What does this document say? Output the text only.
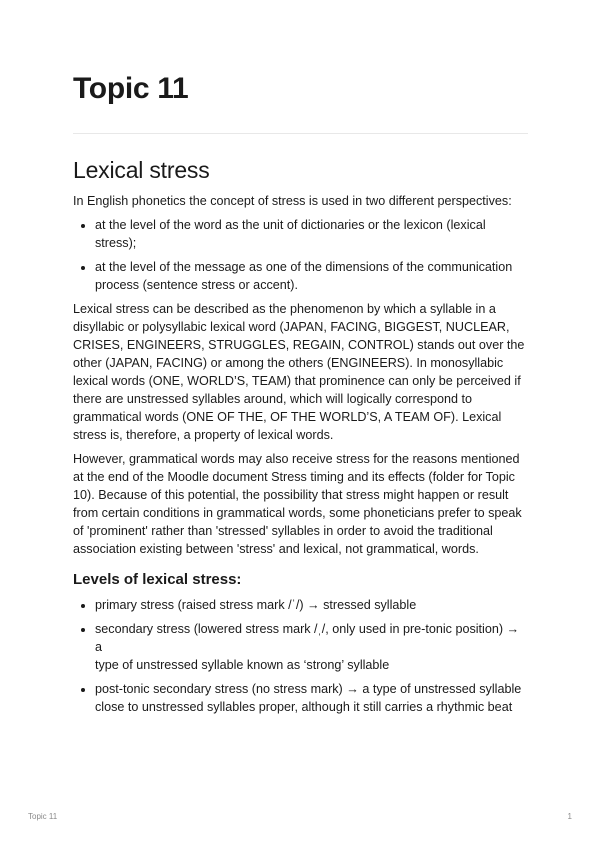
Topic 11
Lexical stress

In English phonetics the concept of stress is used in two different perspectives:

• at the level of the word as the unit of dictionaries or the lexicon (lexical stress);
• at the level of the message as one of the dimensions of the communication process (sentence stress or accent).

Lexical stress can be described as the phenomenon by which a syllable in a disyllabic or polysyllabic lexical word (JAPAN, FACING, BIGGEST, NUCLEAR, CRISES, ENGINEERS, STRUGGLES, REGAIN, CONTROL) stands out over the other (JAPAN, FACING) or among the others (ENGINEERS). In monosyllabic lexical words (ONE, WORLD’S, TEAM) that prominence can only be perceived if there are unstressed syllables around, which will logically correspond to grammatical words (ONE OF THE, OF THE WORLD’S, A TEAM OF). Lexical stress is, therefore, a property of lexical words.

However, grammatical words may also receive stress for the reasons mentioned at the end of the Moodle document Stress timing and its effects (folder for Topic 10). Because of this potential, the possibility that stress might happen or result from certain conditions in grammatical words, some phoneticians prefer to speak of 'prominent' rather than 'stressed' syllables in order to avoid the traditional association existing between 'stress' and lexical, not grammatical, words.

Levels of lexical stress:
• primary stress (raised stress mark /ˈ/) → stressed syllable
• secondary stress (lowered stress mark /ˌ/, only used in pre-tonic position) → a
type of unstressed syllable known as ‘strong’ syllable
• post-tonic secondary stress (no stress mark) → a type of unstressed syllable
close to unstressed syllables proper, although it still carries a rhythmic beat
Topic 11	1
